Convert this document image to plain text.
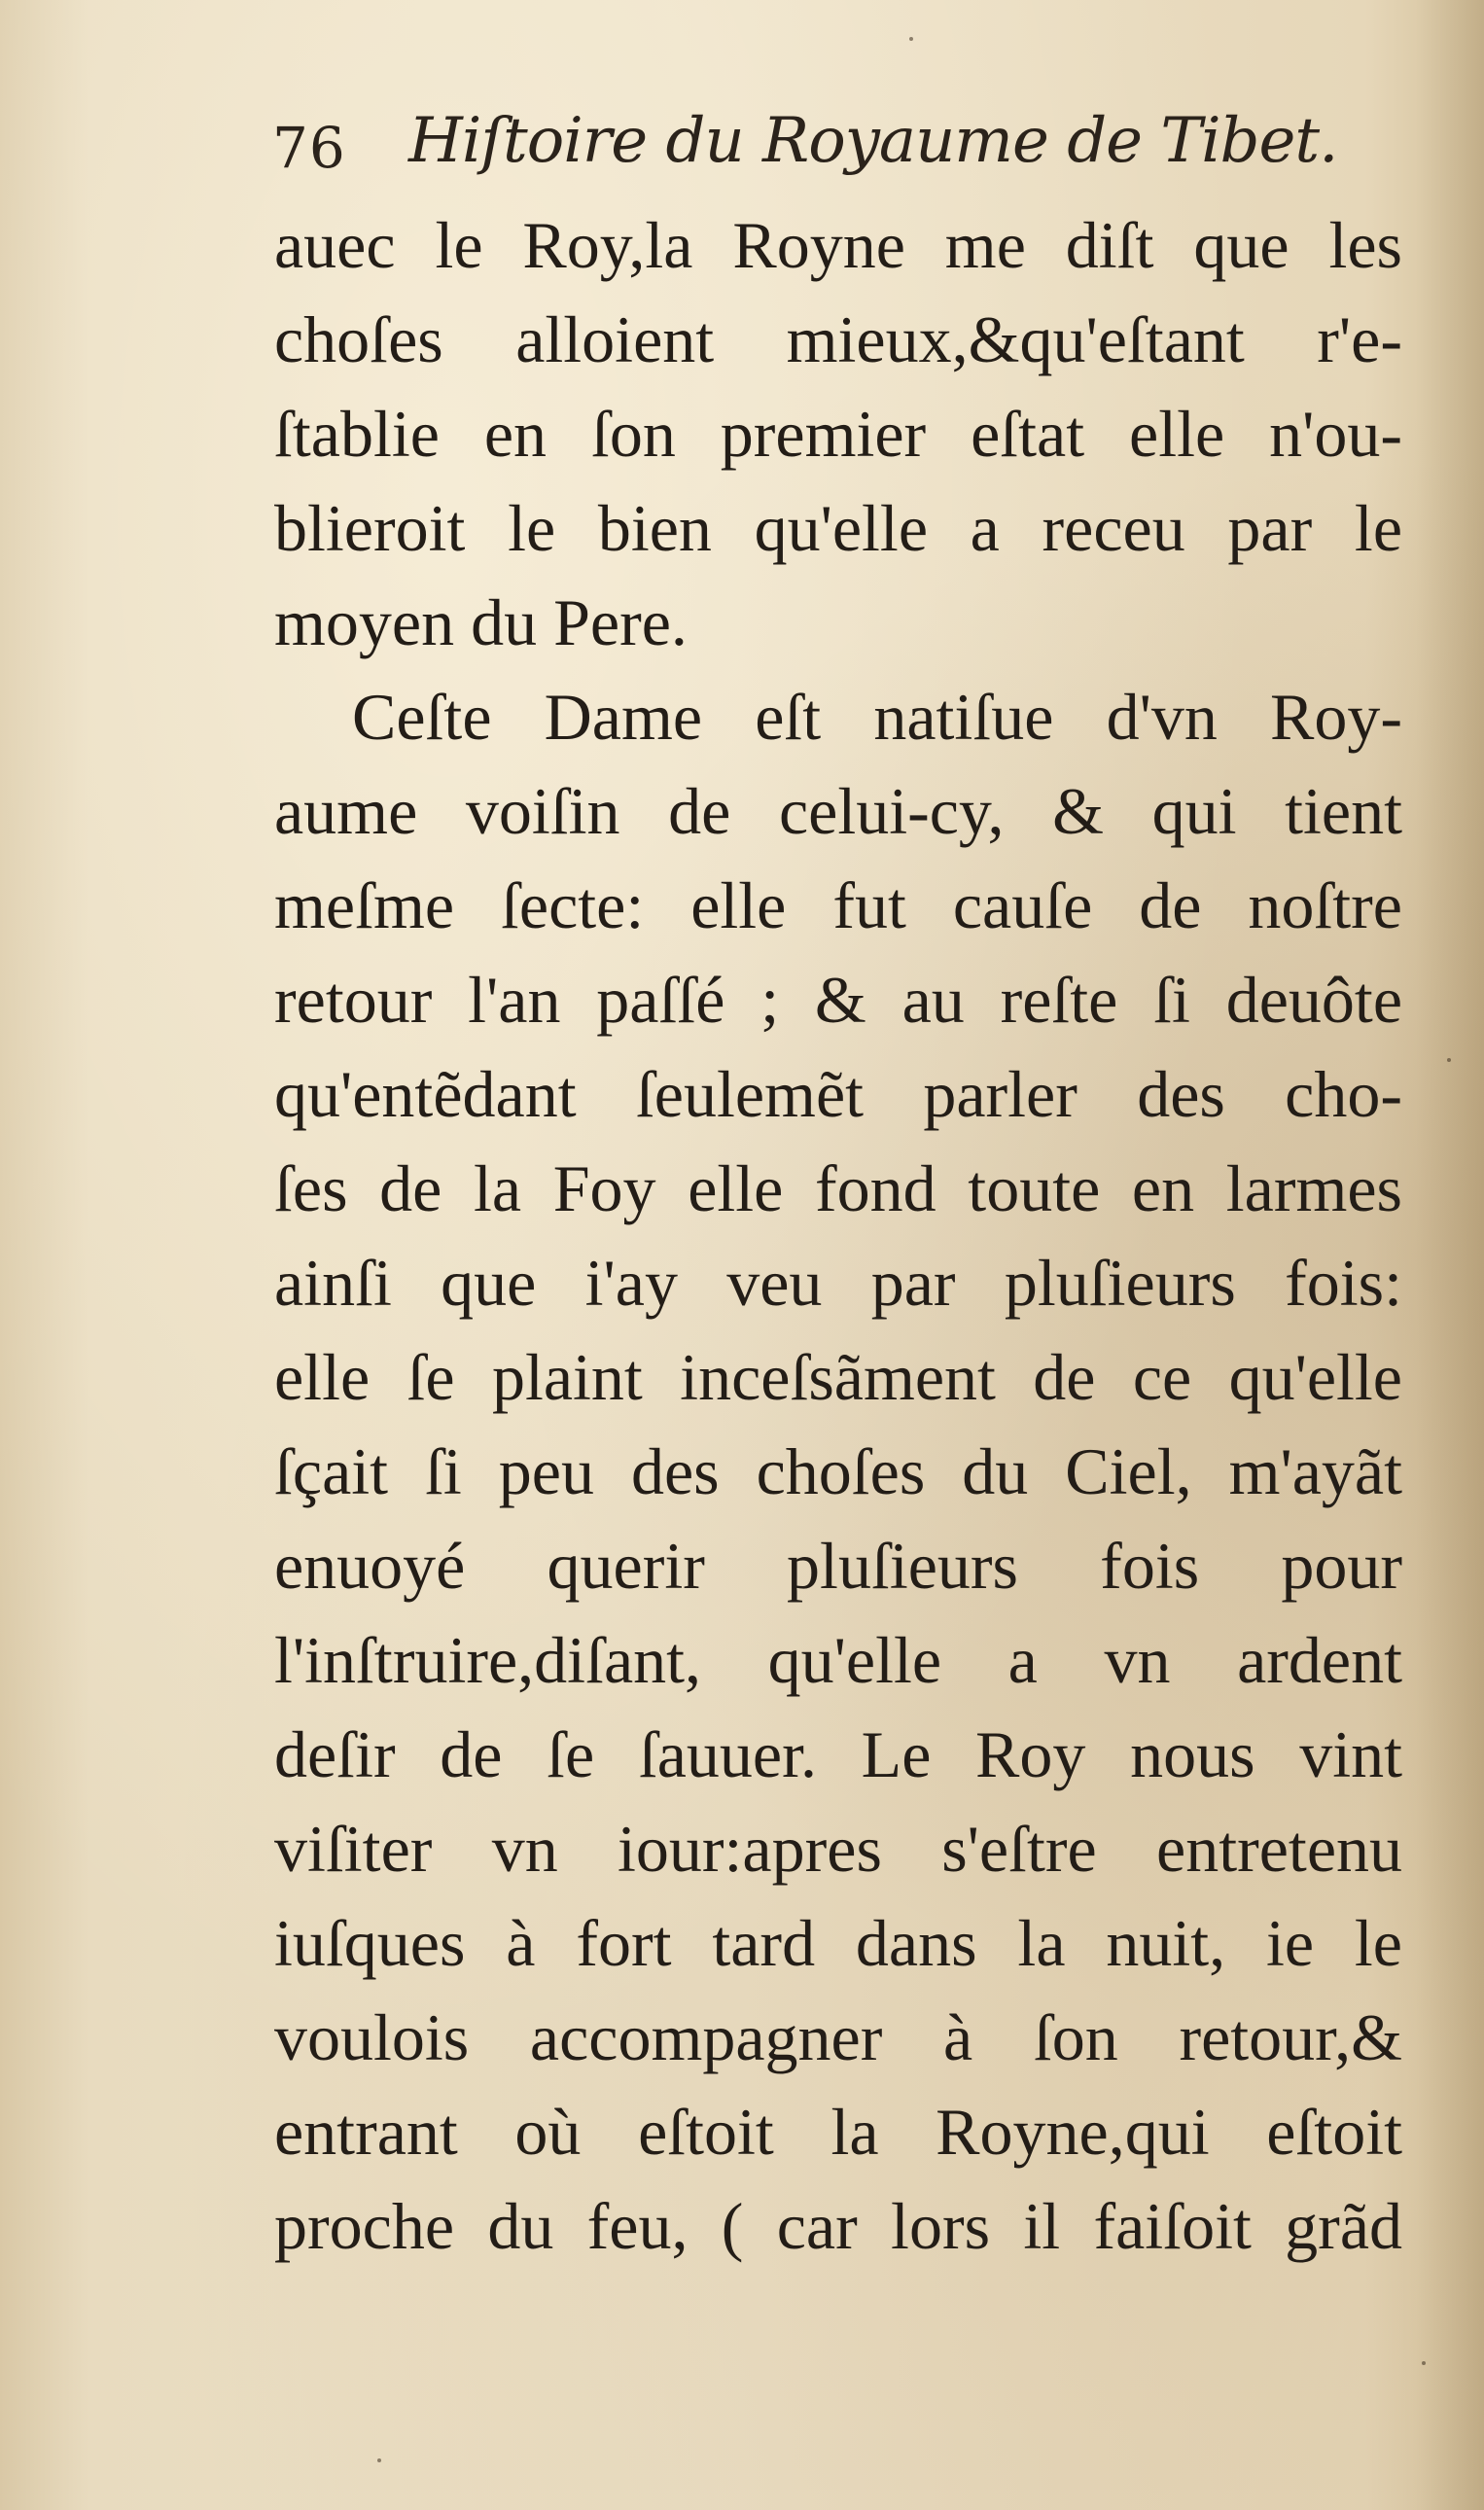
76 Hiſtoire du Royaume de Tibet.
auec le Roy,la Royne me diſt que les
choſes alloient mieux,&qu'eſtant r'e-
ſtablie en ſon premier eſtat elle n'ou-
blieroit le bien qu'elle a receu par le
moyen du Pere.
Ceſte Dame eſt natiſue d'vn Roy-
aume voiſin de celui-cy, & qui tient
meſme ſecte: elle fut cauſe de noſtre
retour l'an paſſé ; & au reſte ſi deuôte
qu'entẽdant ſeulemẽt parler des cho-
ſes de la Foy elle fond toute en larmes
ainſi que i'ay veu par pluſieurs fois:
elle ſe plaint inceſsãment de ce qu'elle
ſçait ſi peu des choſes du Ciel, m'ayãt
enuoyé querir pluſieurs fois pour
l'inſtruire,diſant, qu'elle a vn ardent
deſir de ſe ſauuer. Le Roy nous vint
viſiter vn iour:apres s'eſtre entretenu
iuſques à fort tard dans la nuit, ie le
voulois accompagner à ſon retour,&
entrant où eſtoit la Royne,qui eſtoit
proche du feu, ( car lors il faiſoit grãd
